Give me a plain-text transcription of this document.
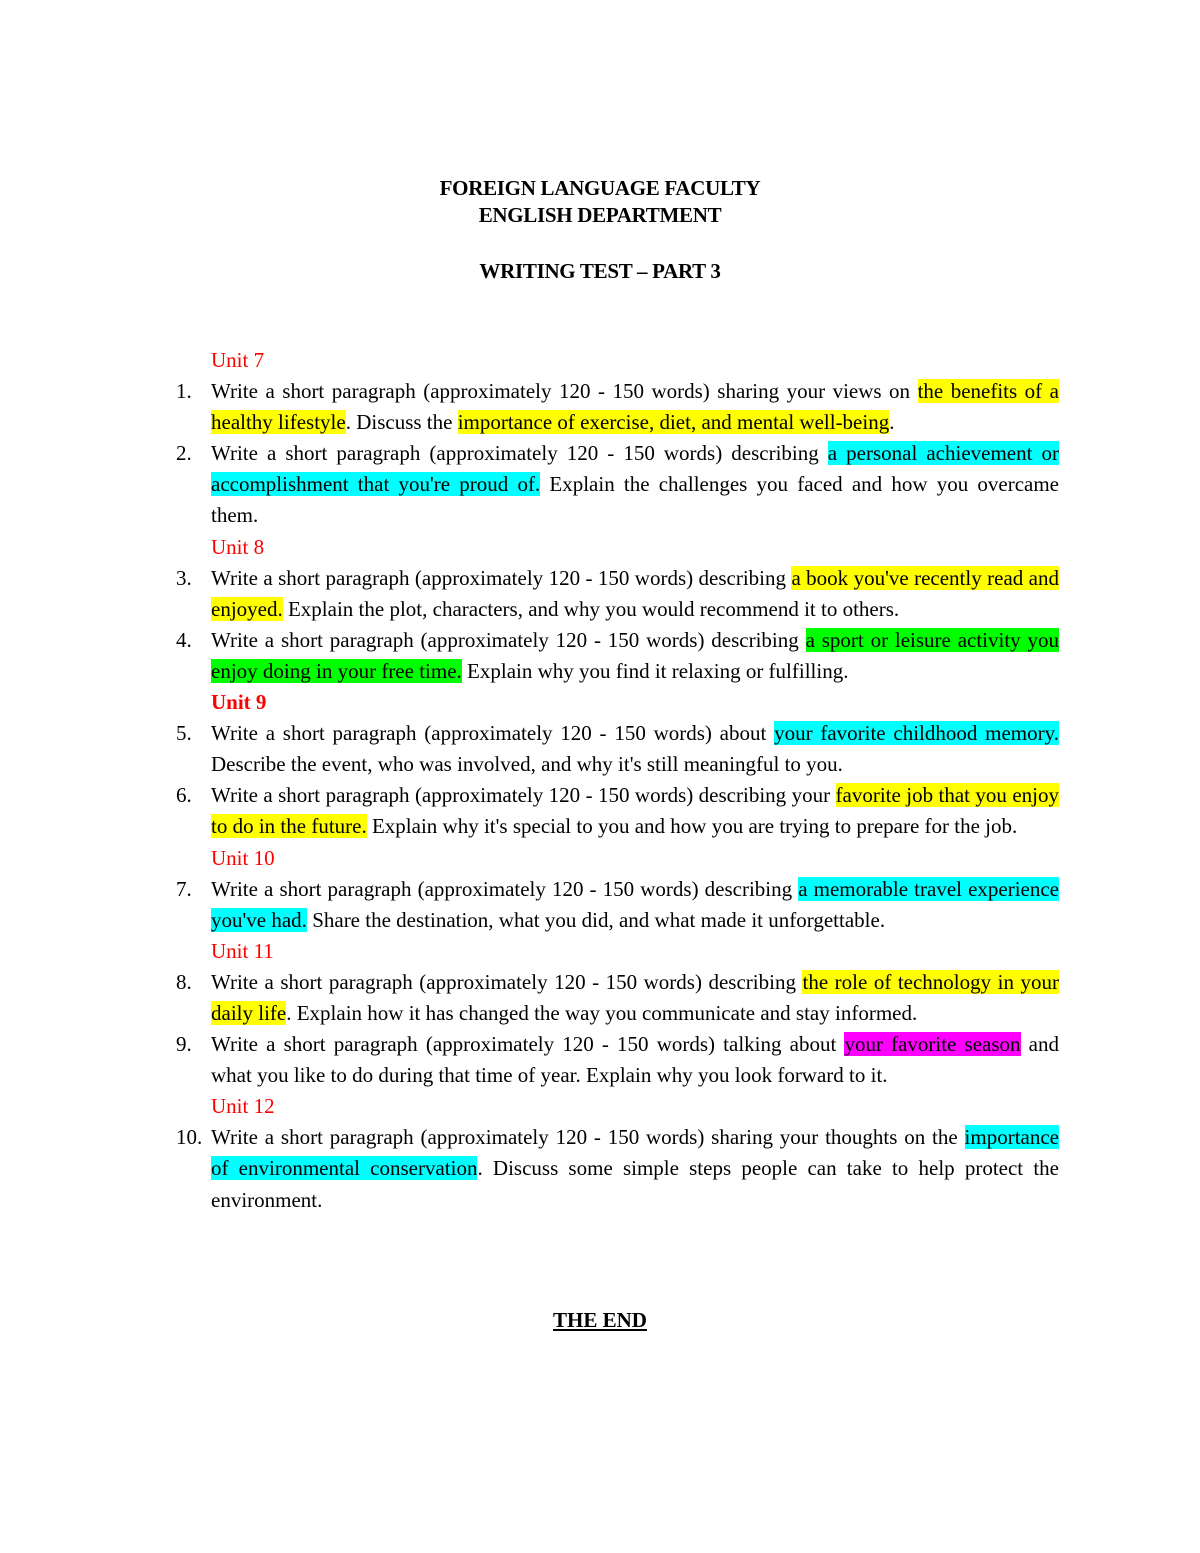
FOREIGN LANGUAGE FACULTY
ENGLISH DEPARTMENT
WRITING TEST – PART 3
Unit 7
1. Write a short paragraph (approximately 120 - 150 words) sharing your views on the benefits of a healthy lifestyle. Discuss the importance of exercise, diet, and mental well-being.
2. Write a short paragraph (approximately 120 - 150 words) describing a personal achievement or accomplishment that you're proud of. Explain the challenges you faced and how you overcame them.
Unit 8
3. Write a short paragraph (approximately 120 - 150 words) describing a book you've recently read and enjoyed. Explain the plot, characters, and why you would recommend it to others.
4. Write a short paragraph (approximately 120 - 150 words) describing a sport or leisure activity you enjoy doing in your free time. Explain why you find it relaxing or fulfilling.
Unit 9
5. Write a short paragraph (approximately 120 - 150 words) about your favorite childhood memory. Describe the event, who was involved, and why it's still meaningful to you.
6. Write a short paragraph (approximately 120 - 150 words) describing your favorite job that you enjoy to do in the future. Explain why it's special to you and how you are trying to prepare for the job.
Unit 10
7. Write a short paragraph (approximately 120 - 150 words) describing a memorable travel experience you've had. Share the destination, what you did, and what made it unforgettable.
Unit 11
8. Write a short paragraph (approximately 120 - 150 words) describing the role of technology in your daily life. Explain how it has changed the way you communicate and stay informed.
9. Write a short paragraph (approximately 120 - 150 words) talking about your favorite season and what you like to do during that time of year. Explain why you look forward to it.
Unit 12
10. Write a short paragraph (approximately 120 - 150 words) sharing your thoughts on the importance of environmental conservation. Discuss some simple steps people can take to help protect the environment.
THE END
